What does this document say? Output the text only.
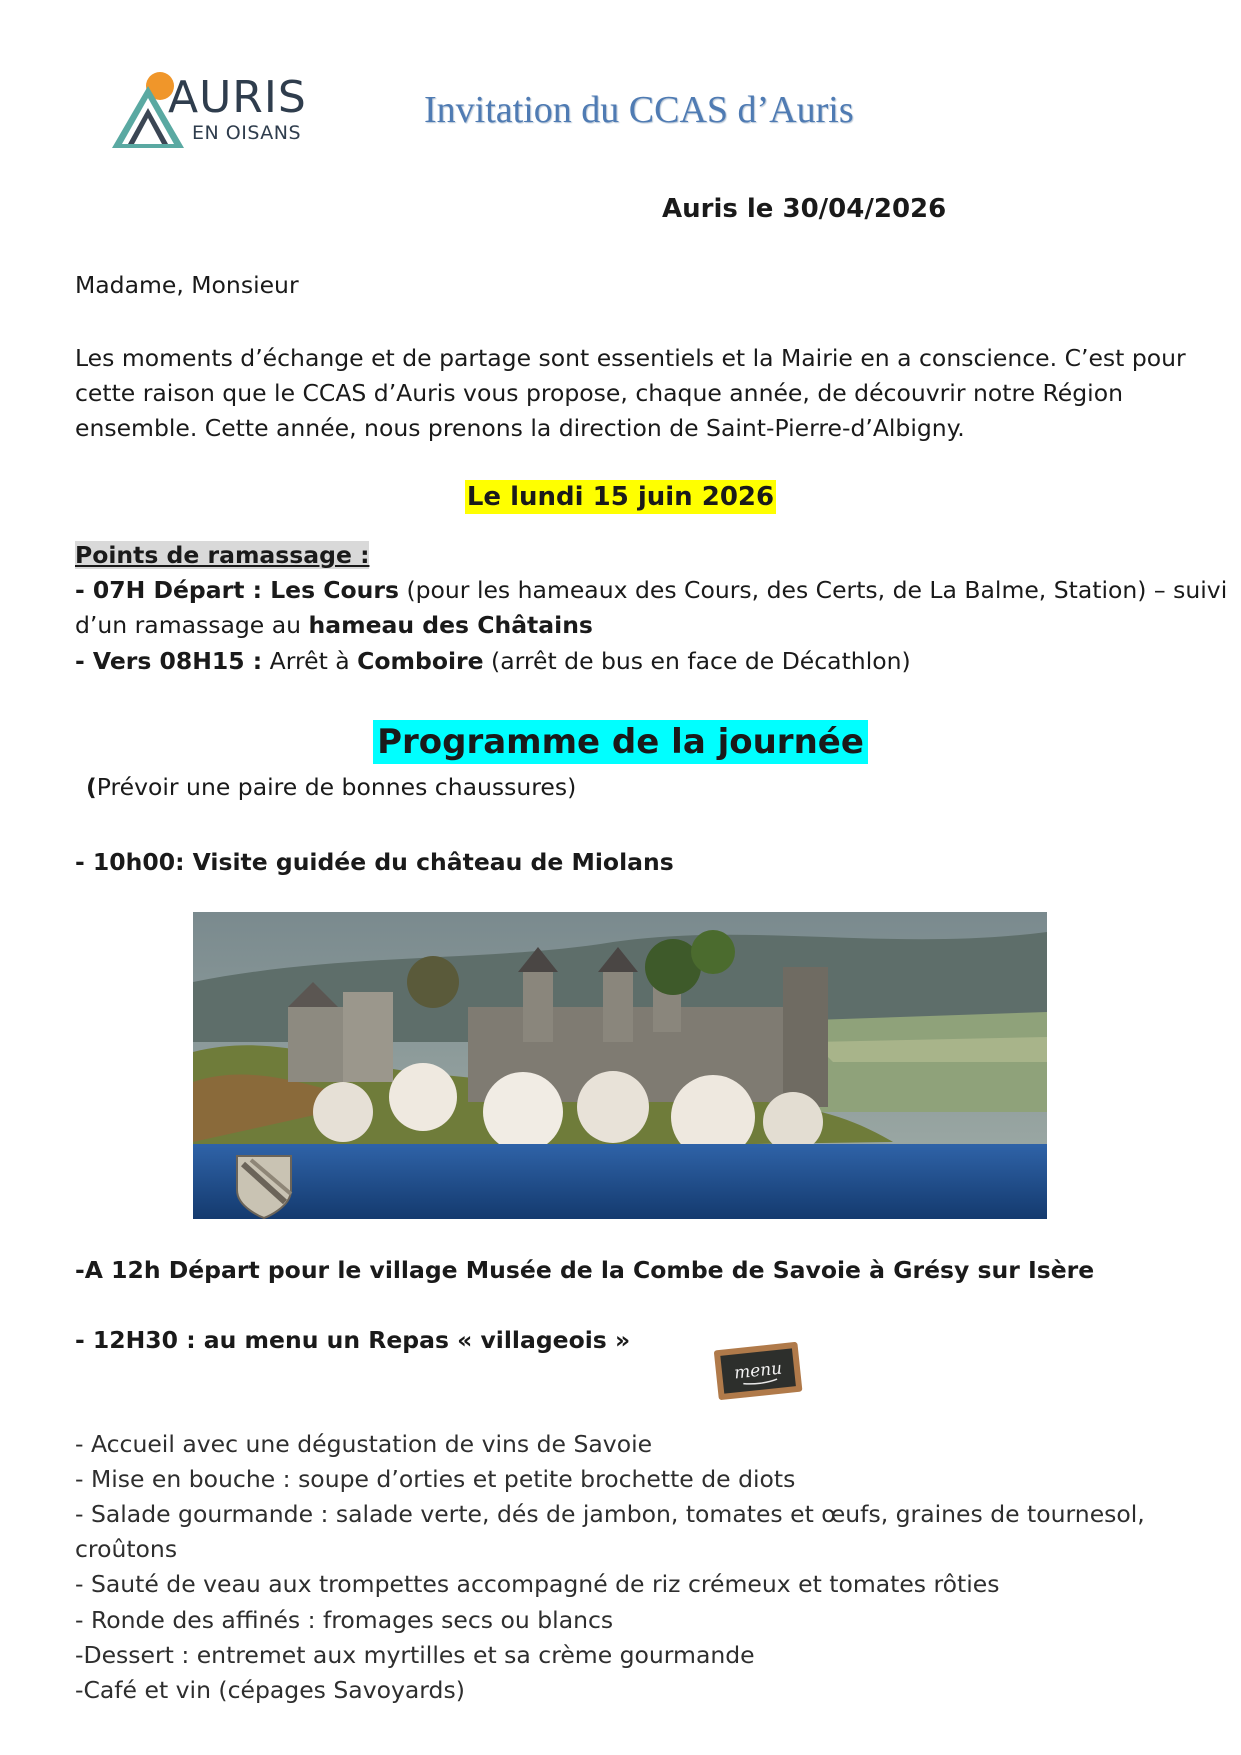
AURIS
EN OISANS
Invitation du CCAS d’Auris
Auris le 30/04/2026
Madame, Monsieur
Les moments d’échange et de partage sont essentiels et la Mairie en a conscience. C’est pour
cette raison que le CCAS d’Auris vous propose, chaque année, de découvrir notre Région
ensemble. Cette année, nous prenons la direction de Saint-Pierre-d’Albigny.
Le lundi 15 juin 2026
Points de ramassage :
- 07H Départ : Les Cours (pour les hameaux des Cours, des Certs, de La Balme, Station) – suivi
d’un ramassage au hameau des Châtains
- Vers 08H15 : Arrêt à Comboire (arrêt de bus en face de Décathlon)
Programme de la journée
(Prévoir une paire de bonnes chaussures)
- 10h00: Visite guidée du château de Miolans
-A 12h Départ pour le village Musée de la Combe de Savoie à Grésy sur Isère
- 12H30 : au menu un Repas « villageois »
menu
- Accueil avec une dégustation de vins de Savoie
- Mise en bouche : soupe d’orties et petite brochette de diots
- Salade gourmande : salade verte, dés de jambon, tomates et œufs, graines de tournesol,
croûtons
- Sauté de veau aux trompettes accompagné de riz crémeux et tomates rôties
- Ronde des affinés : fromages secs ou blancs
-Dessert : entremet aux myrtilles et sa crème gourmande
-Café et vin (cépages Savoyards)
